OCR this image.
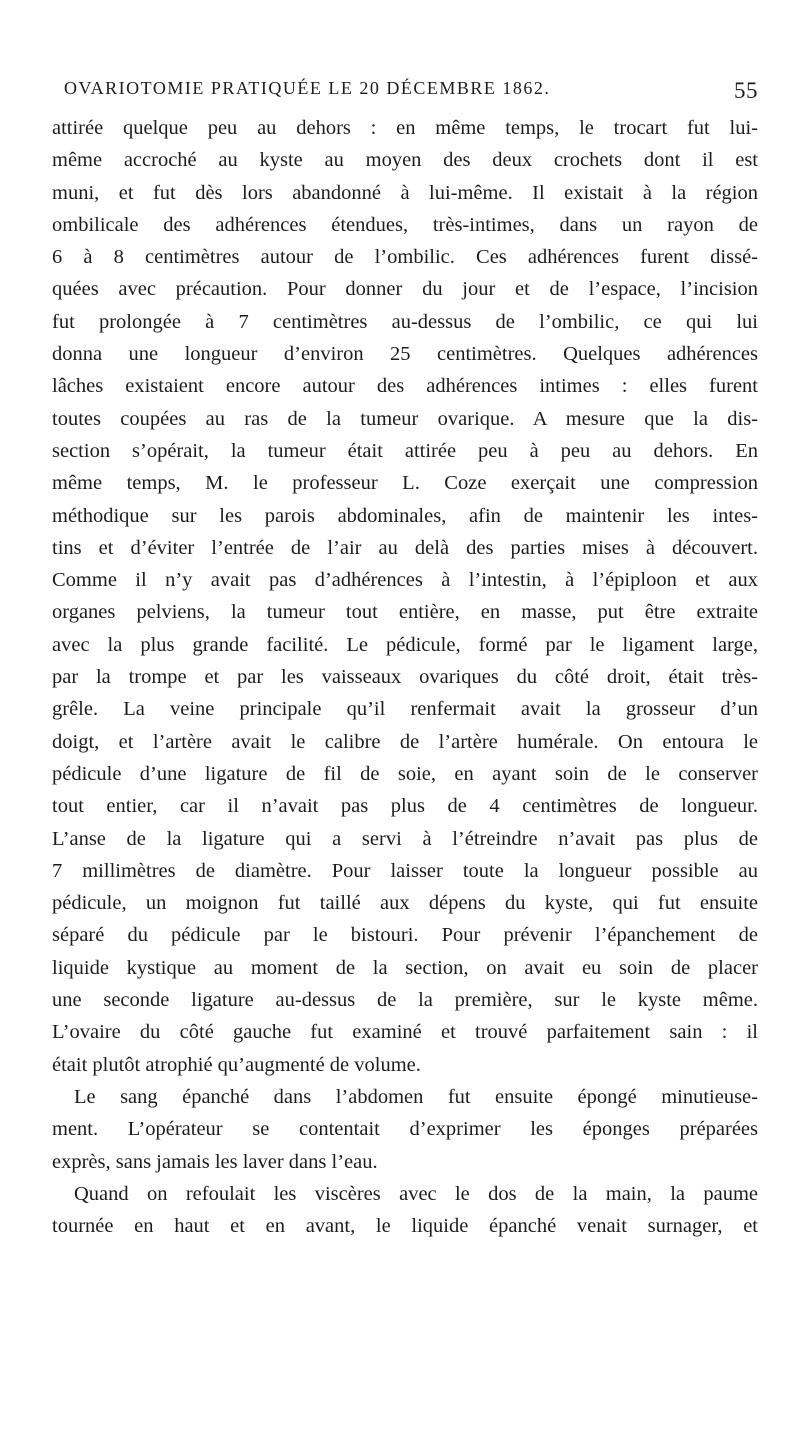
OVARIOTOMIE PRATIQUÉE LE 20 DÉCEMBRE 1862.	55
attirée quelque peu au dehors : en même temps, le trocart fut lui-
même accroché au kyste au moyen des deux crochets dont il est
muni, et fut dès lors abandonné à lui-même. Il existait à la région
ombilicale des adhérences étendues, très-intimes, dans un rayon de
6 à 8 centimètres autour de l’ombilic. Ces adhérences furent dissé-
quées avec précaution. Pour donner du jour et de l’espace, l’incision
fut prolongée à 7 centimètres au-dessus de l’ombilic, ce qui lui
donna une longueur d’environ 25 centimètres. Quelques adhérences
lâches existaient encore autour des adhérences intimes : elles furent
toutes coupées au ras de la tumeur ovarique. A mesure que la dis-
section s’opérait, la tumeur était attirée peu à peu au dehors. En
même temps, M. le professeur L. Coze exerçait une compression
méthodique sur les parois abdominales, afin de maintenir les intes-
tins et d’éviter l’entrée de l’air au delà des parties mises à découvert.
Comme il n’y avait pas d’adhérences à l’intestin, à l’épiploon et aux
organes pelviens, la tumeur tout entière, en masse, put être extraite
avec la plus grande facilité. Le pédicule, formé par le ligament large,
par la trompe et par les vaisseaux ovariques du côté droit, était très-
grêle. La veine principale qu’il renfermait avait la grosseur d’un
doigt, et l’artère avait le calibre de l’artère humérale. On entoura le
pédicule d’une ligature de fil de soie, en ayant soin de le conserver
tout entier, car il n’avait pas plus de 4 centimètres de longueur.
L’anse de la ligature qui a servi à l’étreindre n’avait pas plus de
7 millimètres de diamètre. Pour laisser toute la longueur possible au
pédicule, un moignon fut taillé aux dépens du kyste, qui fut ensuite
séparé du pédicule par le bistouri. Pour prévenir l’épanchement de
liquide kystique au moment de la section, on avait eu soin de placer
une seconde ligature au-dessus de la première, sur le kyste même.
L’ovaire du côté gauche fut examiné et trouvé parfaitement sain : il
était plutôt atrophié qu’augmenté de volume.
Le sang épanché dans l’abdomen fut ensuite épongé minutieuse-
ment. L’opérateur se contentait d’exprimer les éponges préparées
exprès, sans jamais les laver dans l’eau.
Quand on refoulait les viscères avec le dos de la main, la paume
tournée en haut et en avant, le liquide épanché venait surnager, et
